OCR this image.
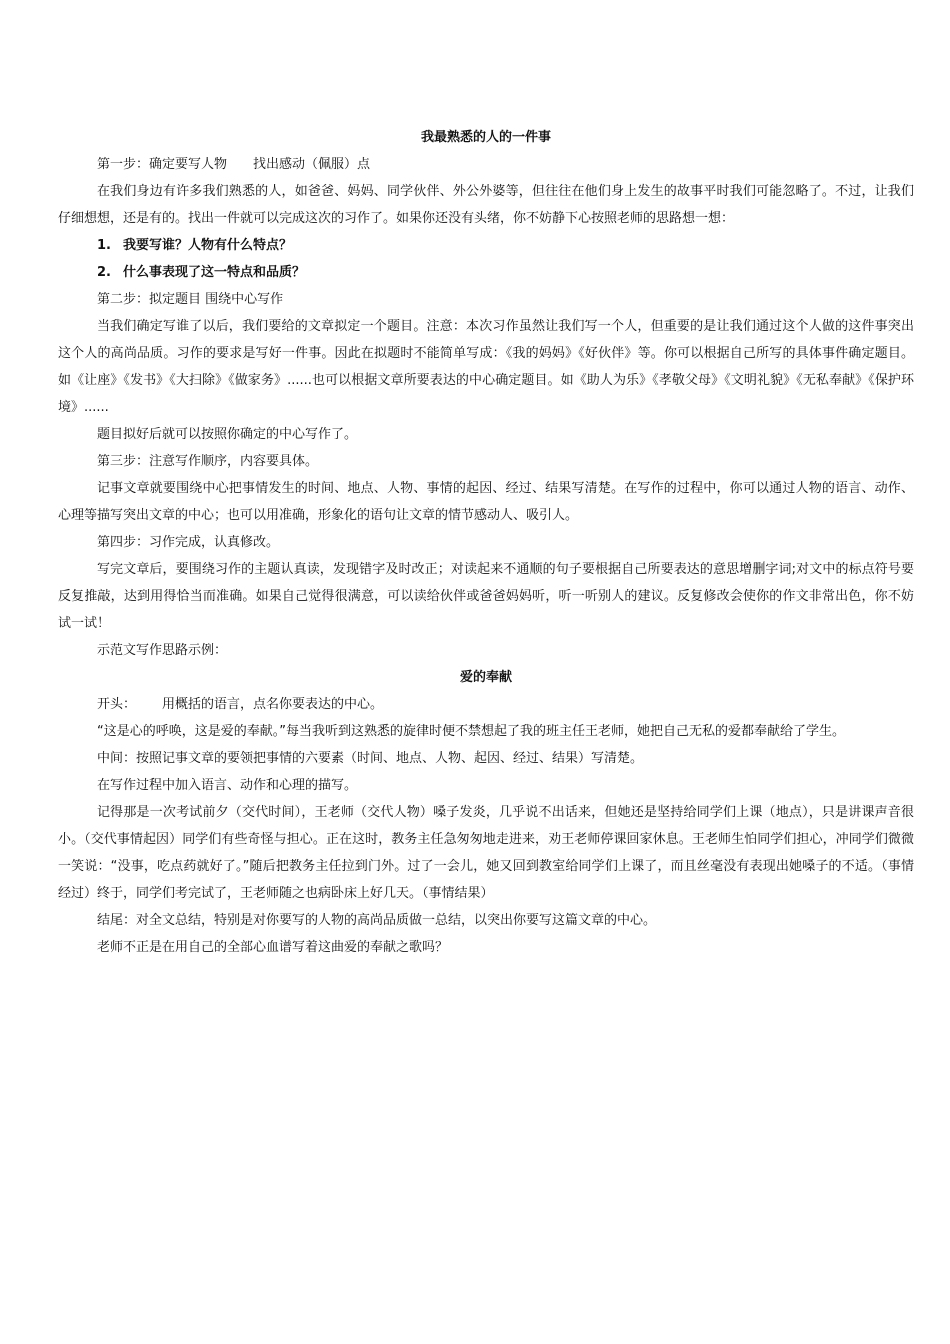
我最熟悉的人的一件事

第一步：确定要写人物 找出感动（佩服）点

在我们身边有许多我们熟悉的人，如爸爸、妈妈、同学伙伴、外公外婆等，但往往在他们身上发生的故事平时我们可能忽略了。不过，让我们仔细想想，还是有的。找出一件就可以完成这次的习作了。如果你还没有头绪，你不妨静下心按照老师的思路想一想：

1. 我要写谁？人物有什么特点？

2. 什么事表现了这一特点和品质？

第二步：拟定题目 围绕中心写作

当我们确定写谁了以后，我们要给的文章拟定一个题目。注意：本次习作虽然让我们写一个人，但重要的是让我们通过这个人做的这件事突出这个人的高尚品质。习作的要求是写好一件事。因此在拟题时不能简单写成：《我的妈妈》《好伙伴》等。你可以根据自己所写的具体事件确定题目。如《让座》《发书》《大扫除》《做家务》......也可以根据文章所要表达的中心确定题目。如《助人为乐》《孝敬父母》《文明礼貌》《无私奉献》《保护环境》......

题目拟好后就可以按照你确定的中心写作了。

第三步：注意写作顺序，内容要具体。

记事文章就要围绕中心把事情发生的时间、地点、人物、事情的起因、经过、结果写清楚。在写作的过程中，你可以通过人物的语言、动作、心理等描写突出文章的中心；也可以用准确，形象化的语句让文章的情节感动人、吸引人。

第四步：习作完成，认真修改。

写完文章后，要围绕习作的主题认真读，发现错字及时改正；对读起来不通顺的句子要根据自己所要表达的意思增删字词;对文中的标点符号要反复推敲，达到用得恰当而准确。如果自己觉得很满意，可以读给伙伴或爸爸妈妈听，听一听别人的建议。反复修改会使你的作文非常出色，你不妨试一试！

示范文写作思路示例：

爱的奉献

开头： 用概括的语言，点名你要表达的中心。

“这是心的呼唤，这是爱的奉献。”每当我听到这熟悉的旋律时便不禁想起了我的班主任王老师，她把自己无私的爱都奉献给了学生。

中间：按照记事文章的要领把事情的六要素（时间、地点、人物、起因、经过、结果）写清楚。

在写作过程中加入语言、动作和心理的描写。

记得那是一次考试前夕（交代时间），王老师（交代人物）嗓子发炎，几乎说不出话来，但她还是坚持给同学们上课（地点），只是讲课声音很小。（交代事情起因）同学们有些奇怪与担心。正在这时，教务主任急匆匆地走进来，劝王老师停课回家休息。王老师生怕同学们担心，冲同学们微微一笑说：“没事，吃点药就好了。”随后把教务主任拉到门外。过了一会儿，她又回到教室给同学们上课了，而且丝毫没有表现出她嗓子的不适。（事情经过）终于，同学们考完试了，王老师随之也病卧床上好几天。（事情结果）

结尾：对全文总结，特别是对你要写的人物的高尚品质做一总结，以突出你要写这篇文章的中心。

老师不正是在用自己的全部心血谱写着这曲爱的奉献之歌吗？
